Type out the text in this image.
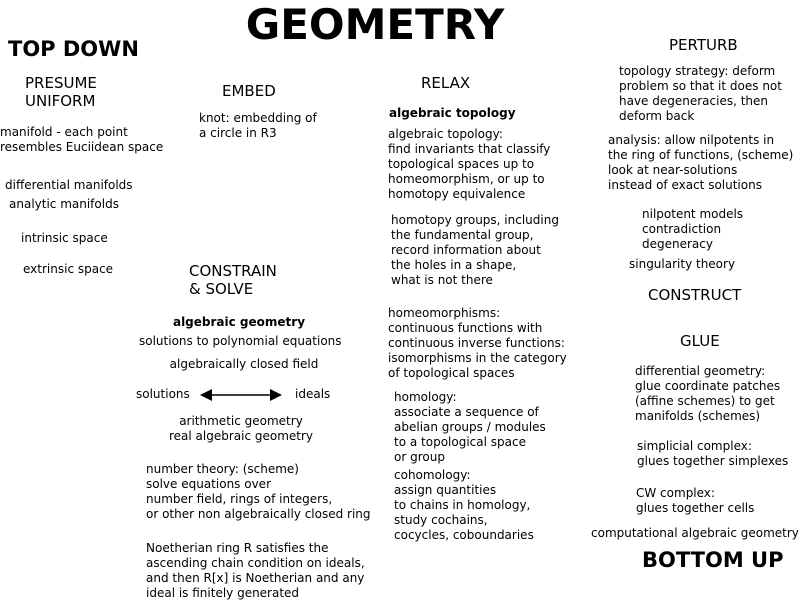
GEOMETRY
TOP DOWN
BOTTOM UP
PRESUME
UNIFORM
manifold - each point
resembles Euciidean space
differential manifolds
analytic manifolds
intrinsic space
extrinsic space
EMBED
knot: embedding of
a circle in R3
CONSTRAIN
& SOLVE
algebraic geometry
solutions to polynomial equations
algebraically closed field
solutions	ideals
arithmetic geometry
real algebraic geometry
number theory: (scheme)
solve equations over
number field, rings of integers,
or other non algebraically closed ring
Noetherian ring R satisfies the
ascending chain condition on ideals,
and then R[x] is Noetherian and any
ideal is finitely generated
RELAX
algebraic topology
algebraic topology:
find invariants that classify
topological spaces up to
homeomorphism, or up to
homotopy equivalence
homotopy groups, including
the fundamental group,
record information about
the holes in a shape,
what is not there
homeomorphisms:
continuous functions with
continuous inverse functions:
isomorphisms in the category
of topological spaces
homology:
associate a sequence of
abelian groups / modules
to a topological space
or group
cohomology:
assign quantities
to chains in homology,
study cochains,
cocycles, coboundaries
PERTURB
topology strategy: deform
problem so that it does not
have degeneracies, then
deform back
analysis: allow nilpotents in
the ring of functions, (scheme)
look at near-solutions
instead of exact solutions
nilpotent models
contradiction
degeneracy
singularity theory
CONSTRUCT
GLUE
differential geometry:
glue coordinate patches
(affine schemes) to get
manifolds (schemes)
simplicial complex:
glues together simplexes
CW complex:
glues together cells
computational algebraic geometry
